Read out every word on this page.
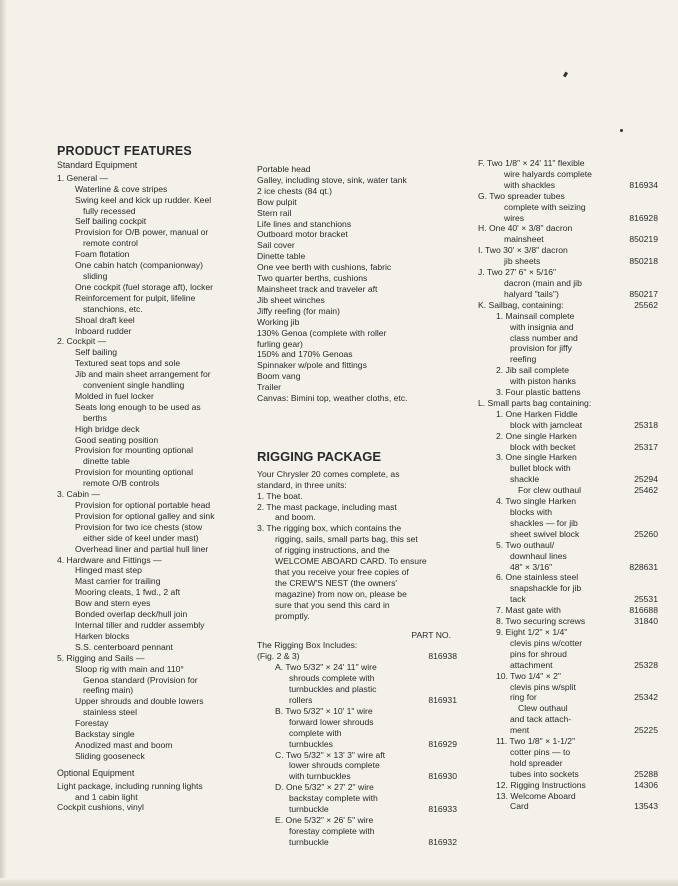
PRODUCT FEATURES
Standard Equipment
1. General —
Waterline & cove stripes
Swing keel and kick up rudder. Keel
fully recessed
Self bailing cockpit
Provision for O/B power, manual or
remote control
Foam flotation
One cabin hatch (companionway)
sliding
One cockpit (fuel storage aft), locker
Reinforcement for pulpit, lifeline
stanchions, etc.
Shoal draft keel
Inboard rudder
2. Cockpit —
Self bailing
Textured seat tops and sole
Jib and main sheet arrangement for
convenient single handling
Molded in fuel locker
Seats long enough to be used as
berths
High bridge deck
Good seating position
Provision for mounting optional
dinette table
Provision for mounting optional
remote O/B controls
3. Cabin —
Provision for optional portable head
Provision for optional galley and sink
Provision for two ice chests (stow
either side of keel under mast)
Overhead liner and partial hull liner
4. Hardware and Fittings —
Hinged mast step
Mast carrier for trailing
Mooring cleats, 1 fwd., 2 aft
Bow and stern eyes
Bonded overlap deck/hull join
Internal tiller and rudder assembly
Harken blocks
S.S. centerboard pennant
5. Rigging and Sails —
Sloop rig with main and 110°
Genoa standard (Provision for
reefing main)
Upper shrouds and double lowers
stainless steel
Forestay
Backstay single
Anodized mast and boom
Sliding gooseneck
Optional Equipment
Light package, including running lights
and 1 cabin light
Cockpit cushions, vinyl
Portable head
Galley, including stove, sink, water tank
2 ice chests (84 qt.)
Bow pulpit
Stern rail
Life lines and stanchions
Outboard motor bracket
Sail cover
Dinette table
One vee berth with cushions, fabric
Two quarter berths, cushions
Mainsheet track and traveler aft
Jib sheet winches
Jiffy reefing (for main)
Working jib
130% Genoa (complete with roller
furling gear)
150% and 170% Genoas
Spinnaker w/pole and fittings
Boom vang
Trailer
Canvas: Bimini top, weather cloths, etc.
RIGGING PACKAGE
Your Chrysler 20 comes complete, as
standard, in three units:
1. The boat.
2. The mast package, including mast
and boom.
3. The rigging box, which contains the
rigging, sails, small parts bag, this set
of rigging instructions, and the
WELCOME ABOARD CARD. To ensure
that you receive your free copies of
the CREW'S NEST (the owners'
magazine) from now on, please be
sure that you send this card in
promptly.
PART NO.
The Rigging Box Includes:
(Fig. 2 & 3)	816938
A. Two 5/32" × 24' 11" wire
shrouds complete with
turnbuckles and plastic
rollers	816931
B. Two 5/32" × 10' 1" wire
forward lower shrouds
complete with
turnbuckles	816929
C. Two 5/32" × 13' 3" wire aft
lower shrouds complete
with turnbuckles	816930
D. One 5/32" × 27' 2" wire
backstay complete with
turnbuckle	816933
E. One 5/32" × 26' 5" wire
forestay complete with
turnbuckle	816932
F. Two 1/8" × 24' 11" flexible
wire halyards complete
with shackles	816934
G. Two spreader tubes
complete with seizing
wires	816928
H. One 40' × 3/8" dacron
mainsheet	850219
I. Two 30' × 3/8" dacron
jib sheets	850218
J. Two 27' 6" × 5/16"
dacron (main and jib
halyard "tails")	850217
K. Sailbag, containing:	25562
1. Mainsail complete
with insignia and
class number and
provision for jiffy
reefing
2. Jib sail complete
with piston hanks
3. Four plastic battens
L. Small parts bag containing:
1. One Harken Fiddle
block with jamcleat	25318
2. One single Harken
block with becket	25317
3. One single Harken
bullet block with
shackle	25294
For clew outhaul	25462
4. Two single Harken
blocks with
shackles — for jib
sheet swivel block	25260
5. Two outhaul/
downhaul lines
48" × 3/16"	828631
6. One stainless steel
snapshackle for jib
tack	25531
7. Mast gate with	816688
8. Two securing screws	31840
9. Eight 1/2" × 1/4"
clevis pins w/cotter
pins for shroud
attachment	25328
10. Two 1/4" × 2"
clevis pins w/split
ring for	25342
Clew outhaul
and tack attach-
ment	25225
11. Two 1/8" × 1-1/2"
cotter pins — to
hold spreader
tubes into sockets	25288
12. Rigging Instructions	14306
13. Welcome Aboard
Card	13543
